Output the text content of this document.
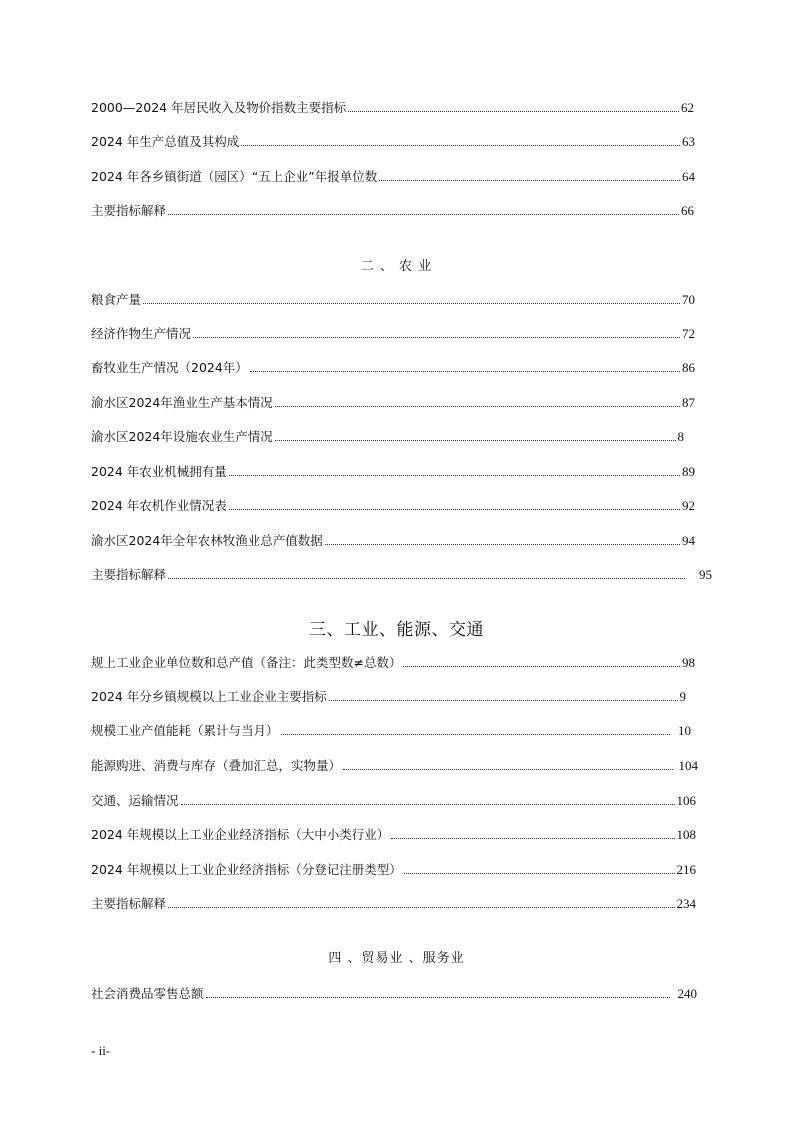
2000—2024 年居民收入及物价指数主要指标	62
2024 年生产总值及其构成	63
2024 年各乡镇街道（园区）“五上企业”年报单位数	64
主要指标解释	66
二 、 农 业
粮食产量	70
经济作物生产情况	72
畜牧业生产情况（2024年）	86
渝水区2024年渔业生产基本情况	87
渝水区2024年设施农业生产情况	8
2024 年农业机械拥有量	89
2024 年农机作业情况表	92
渝水区2024年全年农林牧渔业总产值数据	94
主要指标解释	95
三、工业、能源、交通
规上工业企业单位数和总产值（备注：此类型数≠总数）	98
2024 年分乡镇规模以上工业企业主要指标	9
规模工业产值能耗（累计与当月）	10
能源购进、消费与库存（叠加汇总，实物量）	104
交通、运输情况	106
2024 年规模以上工业企业经济指标（大中小类行业）	108
2024 年规模以上工业企业经济指标（分登记注册类型）	216
主要指标解释	234
四 、贸易业 、服务业
社会消费品零售总额	240
- ii-
